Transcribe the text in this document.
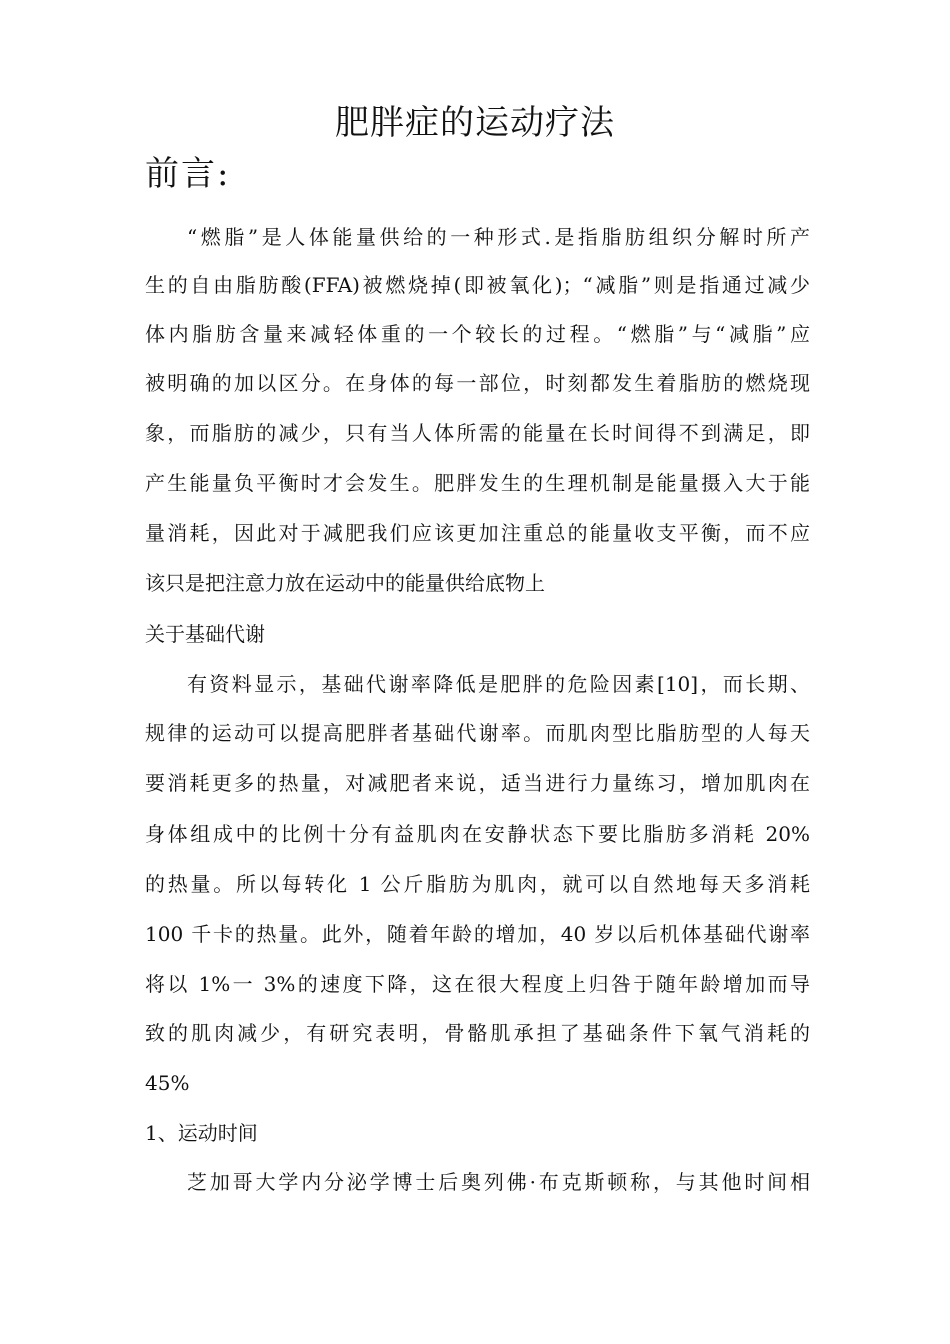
肥胖症的运动疗法
前言:
“燃脂”是人体能量供给的一种形式.是指脂肪组织分解时所产
生的自由脂肪酸(FFA)被燃烧掉(即被氧化)；“减脂”则是指通过减少
体内脂肪含量来减轻体重的一个较长的过程。“燃脂”与“减脂”应
被明确的加以区分。在身体的每一部位，时刻都发生着脂肪的燃烧现
象，而脂肪的减少，只有当人体所需的能量在长时间得不到满足，即
产生能量负平衡时才会发生。肥胖发生的生理机制是能量摄入大于能
量消耗，因此对于减肥我们应该更加注重总的能量收支平衡，而不应
该只是把注意力放在运动中的能量供给底物上
关于基础代谢
有资料显示，基础代谢率降低是肥胖的危险因素[10]，而长期、
规律的运动可以提高肥胖者基础代谢率。而肌肉型比脂肪型的人每天
要消耗更多的热量，对减肥者来说，适当进行力量练习，增加肌肉在
身体组成中的比例十分有益肌肉在安静状态下要比脂肪多消耗 20%
的热量。所以每转化 1 公斤脂肪为肌肉，就可以自然地每天多消耗
100 千卡的热量。此外，随着年龄的增加，40 岁以后机体基础代谢率
将以 1%一 3%的速度下降，这在很大程度上归咎于随年龄增加而导
致的肌肉减少，有研究表明，骨骼肌承担了基础条件下氧气消耗的
45%
1、运动时间
芝加哥大学内分泌学博士后奥列佛·布克斯顿称，与其他时间相
